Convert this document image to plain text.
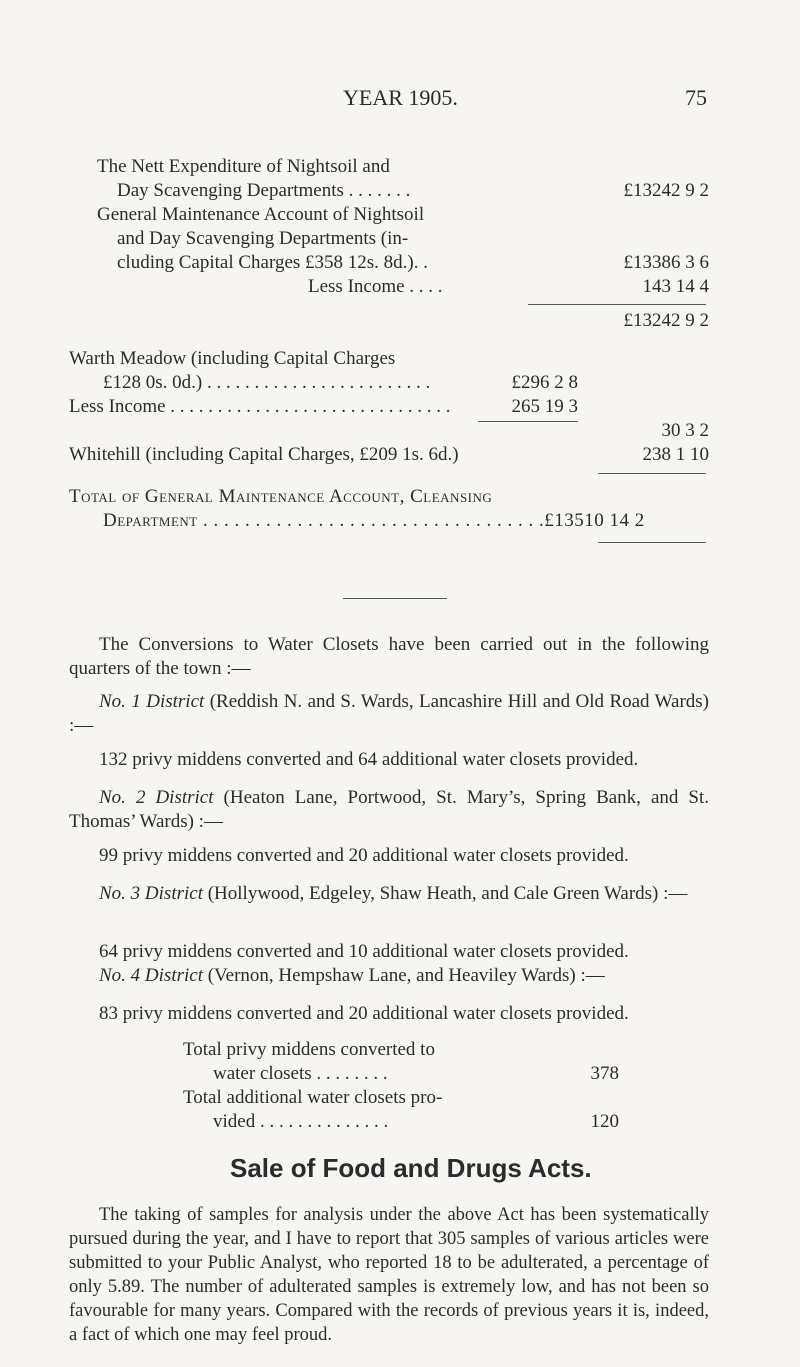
YEAR 1905.	75
The Nett Expenditure of Nightsoil and
Day Scavenging Departments . . . . . . .	£13242 9 2
General Maintenance Account of Nightsoil
and Day Scavenging Departments (in-
cluding Capital Charges £358 12s. 8d.). .	£13386 3 6
Less Income . . . .	143 14 4
£13242 9 2
Warth Meadow (including Capital Charges
£128 0s. 0d.) . . . . . . . . . . . . . . . . . . . . . . . .	£296 2 8
Less Income . . . . . . . . . . . . . . . . . . . . . . . . . . . . . .	265 19 3
30 3 2
Whitehill (including Capital Charges, £209 1s. 6d.)	238 1 10
Total of General Maintenance Account, Cleansing
Department . . . . . . . . . . . . . . . . . . . . . . . . . . . . . . . . .£13510 14 2
The Conversions to Water Closets have been carried out in the following quarters of the town :—
No. 1 District (Reddish N. and S. Wards, Lancashire Hill and Old Road Wards) :—
132 privy middens converted and 64 additional water closets provided.
No. 2 District (Heaton Lane, Portwood, St. Mary’s, Spring Bank, and St. Thomas’ Wards) :—
99 privy middens converted and 20 additional water closets provided.
No. 3 District (Hollywood, Edgeley, Shaw Heath, and Cale Green Wards) :—
64 privy middens converted and 10 additional water closets provided.
No. 4 District (Vernon, Hempshaw Lane, and Heaviley Wards) :—
83 privy middens converted and 20 additional water closets provided.
Total privy middens converted to
water closets . . . . . . . .	378
Total additional water closets pro-
vided . . . . . . . . . . . . . .	120
Sale of Food and Drugs Acts.
The taking of samples for analysis under the above Act has been systematically pursued during the year, and I have to report that 305 samples of various articles were submitted to your Public Analyst, who reported 18 to be adulterated, a percentage of only 5.89. The number of adulterated samples is extremely low, and has not been so favourable for many years. Compared with the records of previous years it is, indeed, a fact of which one may feel proud.
